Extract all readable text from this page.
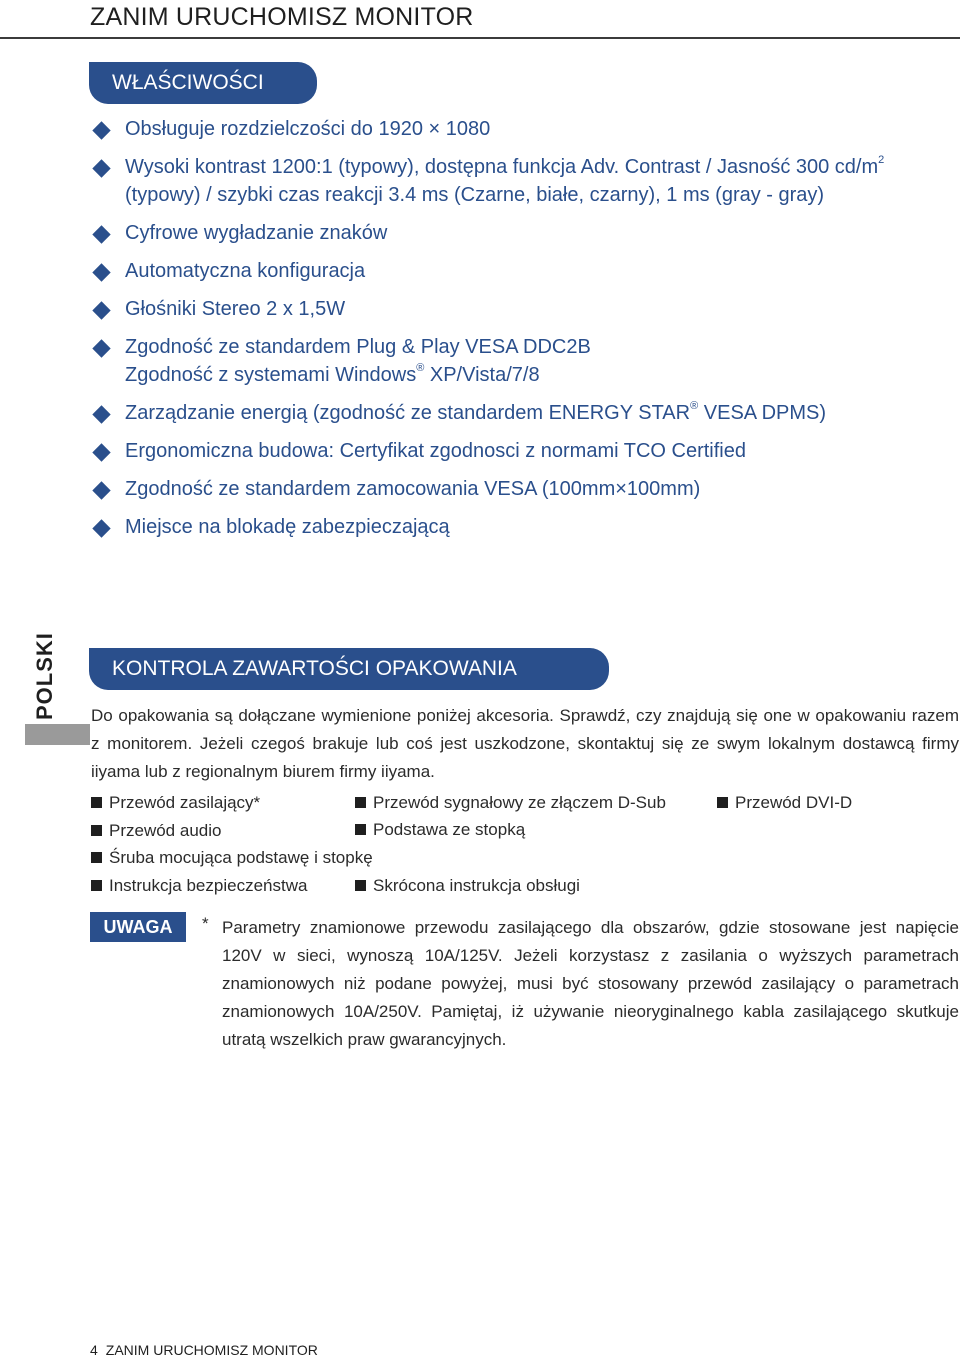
ZANIM URUCHOMISZ MONITOR
WŁAŚCIWOŚCI
Obsługuje rozdzielczości do 1920 × 1080
Wysoki kontrast 1200:1 (typowy), dostępna funkcja Adv. Contrast / Jasność 300 $cd/m^2$ (typowy) / szybki czas reakcji 3.4 ms (Czarne, białe, czarny), 1 ms (gray - gray)
Cyfrowe wygładzanie znaków
Automatyczna konfiguracja
Głośniki Stereo 2 x 1,5W
Zgodność ze standardem Plug & Play VESA DDC2B
Zgodność z systemami Windows® XP/Vista/7/8
Zarządzanie energią (zgodność ze standardem ENERGY STAR® VESA DPMS)
Ergonomiczna budowa: Certyfikat zgodnosci z normami TCO Certified
Zgodność ze standardem zamocowania VESA (100mm×100mm)
Miejsce na blokadę zabezpieczającą
POLSKI	KONTROLA ZAWARTOŚCI OPAKOWANIA

Do opakowania są dołączane wymienione poniżej akcesoria. Sprawdź, czy znajdują się one w opakowaniu razem z monitorem. Jeżeli czegoś brakuje lub coś jest uszkodzone, skontaktuj się ze swym lokalnym dostawcą firmy iiyama lub z regionalnym biurem firmy iiyama.

Przewód zasilający*	Przewód sygnałowy ze złączem D-Sub	Przewód DVI-D
Przewód audio	Podstawa ze stopką
Śruba mocująca podstawę i stopkę
Instrukcja bezpieczeństwa	Skrócona instrukcja obsługi
UWAGA	* Parametry znamionowe przewodu zasilającego dla obszarów, gdzie stosowane jest napięcie 120V w sieci, wynoszą 10A/125V. Jeżeli korzystasz z zasilania o wyższych parametrach znamionowych niż podane powyżej, musi być stosowany przewód zasilający o parametrach znamionowych 10A/250V. Pamiętaj, iż używanie nieoryginalnego kabla zasilającego skutkuje utratą wszelkich praw gwarancyjnych.

4 ZANIM URUCHOMISZ MONITOR
